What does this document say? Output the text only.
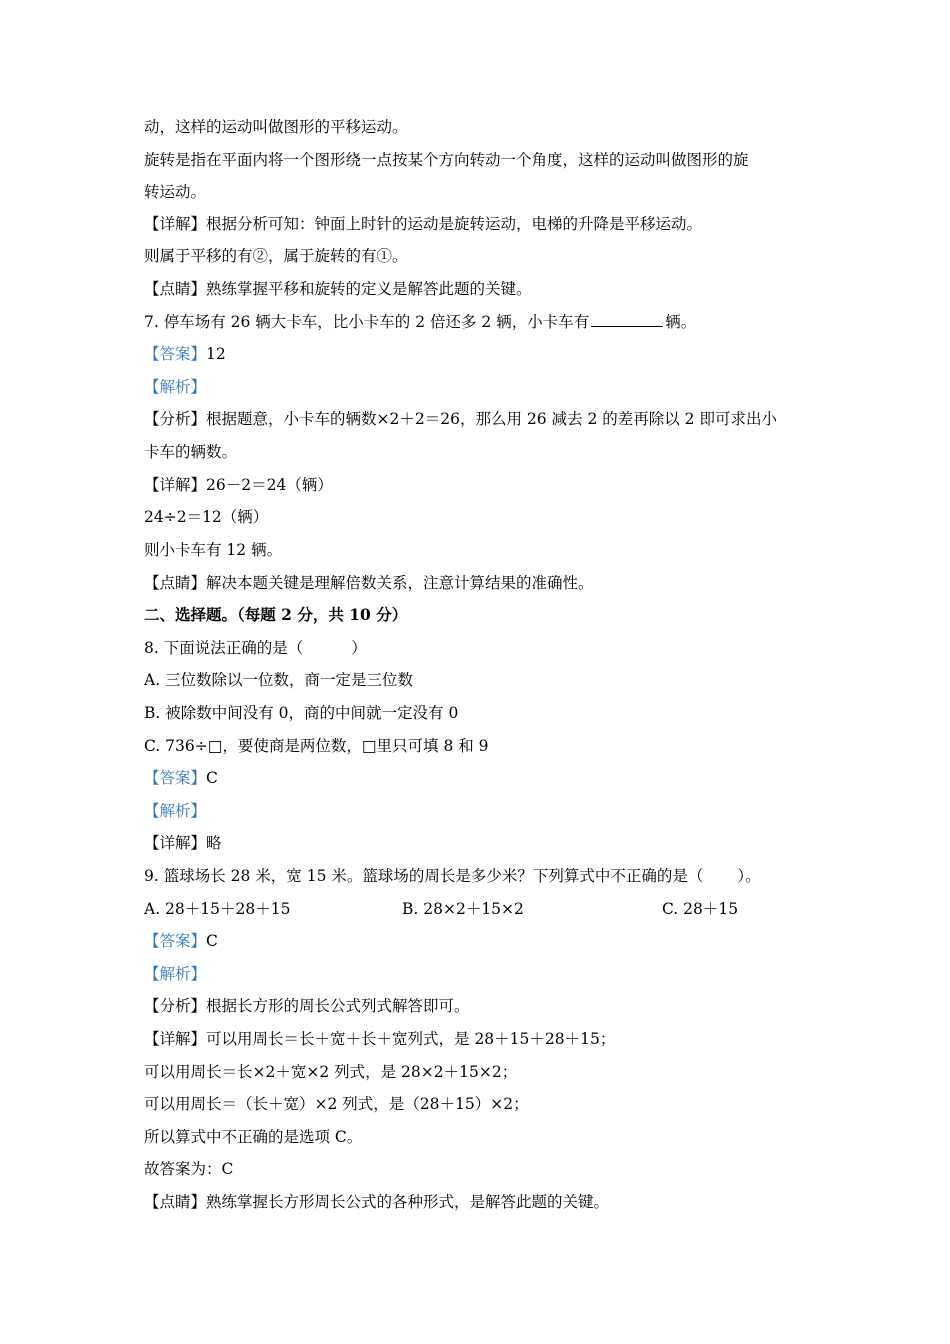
动，这样的运动叫做图形的平移运动。
旋转是指在平面内将一个图形绕一点按某个方向转动一个角度，这样的运动叫做图形的旋
转运动。
【详解】根据分析可知：钟面上时针的运动是旋转运动，电梯的升降是平移运动。
则属于平移的有②，属于旋转的有①。
【点睛】熟练掌握平移和旋转的定义是解答此题的关键。
7. 停车场有 26 辆大卡车，比小卡车的 2 倍还多 2 辆，小卡车有	辆。
【答案】12
【解析】
【分析】根据题意，小卡车的辆数×2＋2＝26，那么用 26 减去 2 的差再除以 2 即可求出小
卡车的辆数。
【详解】26－2＝24（辆）
24÷2＝12（辆）
则小卡车有 12 辆。
【点睛】解决本题关键是理解倍数关系，注意计算结果的准确性。
二、选择题。（每题 2 分，共 10 分）
8. 下面说法正确的是（	）
A. 三位数除以一位数，商一定是三位数
B. 被除数中间没有 0，商的中间就一定没有 0
C. 736÷□，要使商是两位数，□里只可填 8 和 9
【答案】C
【解析】
【详解】略
9. 篮球场长 28 米，宽 15 米。篮球场的周长是多少米？下列算式中不正确的是（ ）。
A. 28＋15＋28＋15	B. 28×2＋15×2	C. 28＋15
【答案】C
【解析】
【分析】根据长方形的周长公式列式解答即可。
【详解】可以用周长＝长＋宽＋长＋宽列式，是 28＋15＋28＋15；
可以用周长＝长×2＋宽×2 列式，是 28×2＋15×2；
可以用周长＝（长＋宽）×2 列式，是（28＋15）×2；
所以算式中不正确的是选项 C。
故答案为：C
【点睛】熟练掌握长方形周长公式的各种形式，是解答此题的关键。
